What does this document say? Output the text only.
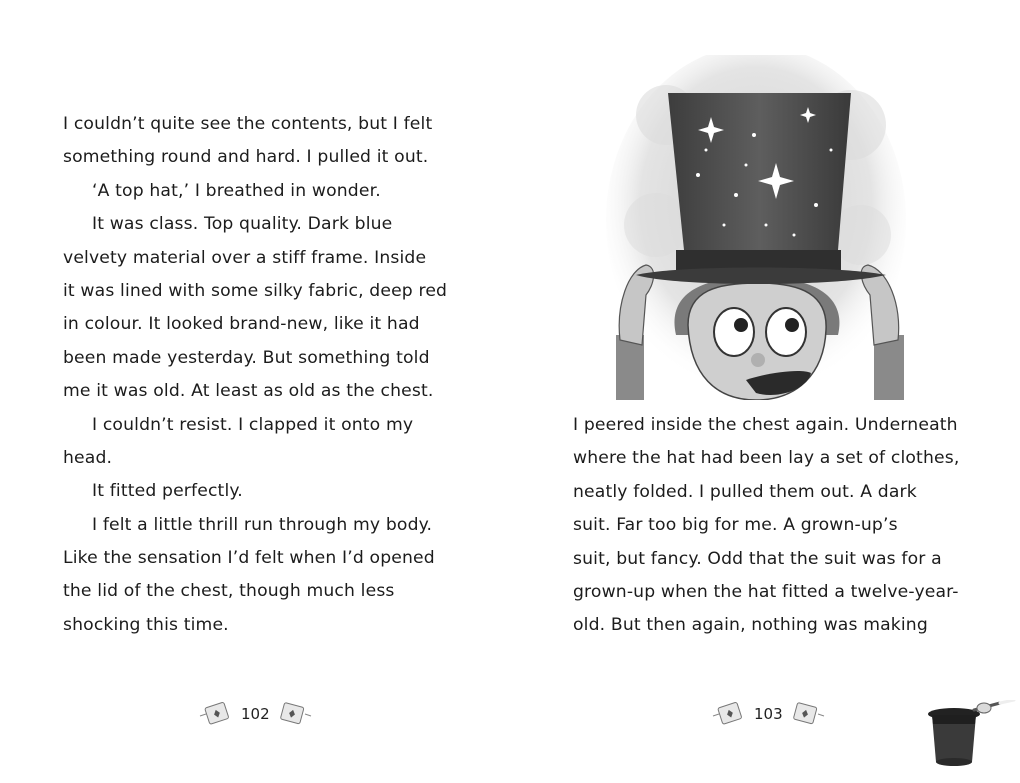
I couldn’t quite see the contents, but I felt
something round and hard. I pulled it out.
‘A top hat,’ I breathed in wonder.
It was class. Top quality. Dark blue
velvety material over a stiff frame. Inside
it was lined with some silky fabric, deep red
in colour. It looked brand-new, like it had
been made yesterday. But something told
me it was old. At least as old as the chest.
I couldn’t resist. I clapped it onto my
head.
It fitted perfectly.
I felt a little thrill run through my body.
Like the sensation I’d felt when I’d opened
the lid of the chest, though much less
shocking this time.
102
I peered inside the chest again. Underneath
where the hat had been lay a set of clothes,
neatly folded. I pulled them out. A dark
suit. Far too big for me. A grown-up’s
suit, but fancy. Odd that the suit was for a
grown-up when the hat fitted a twelve-year-
old. But then again, nothing was making
103
